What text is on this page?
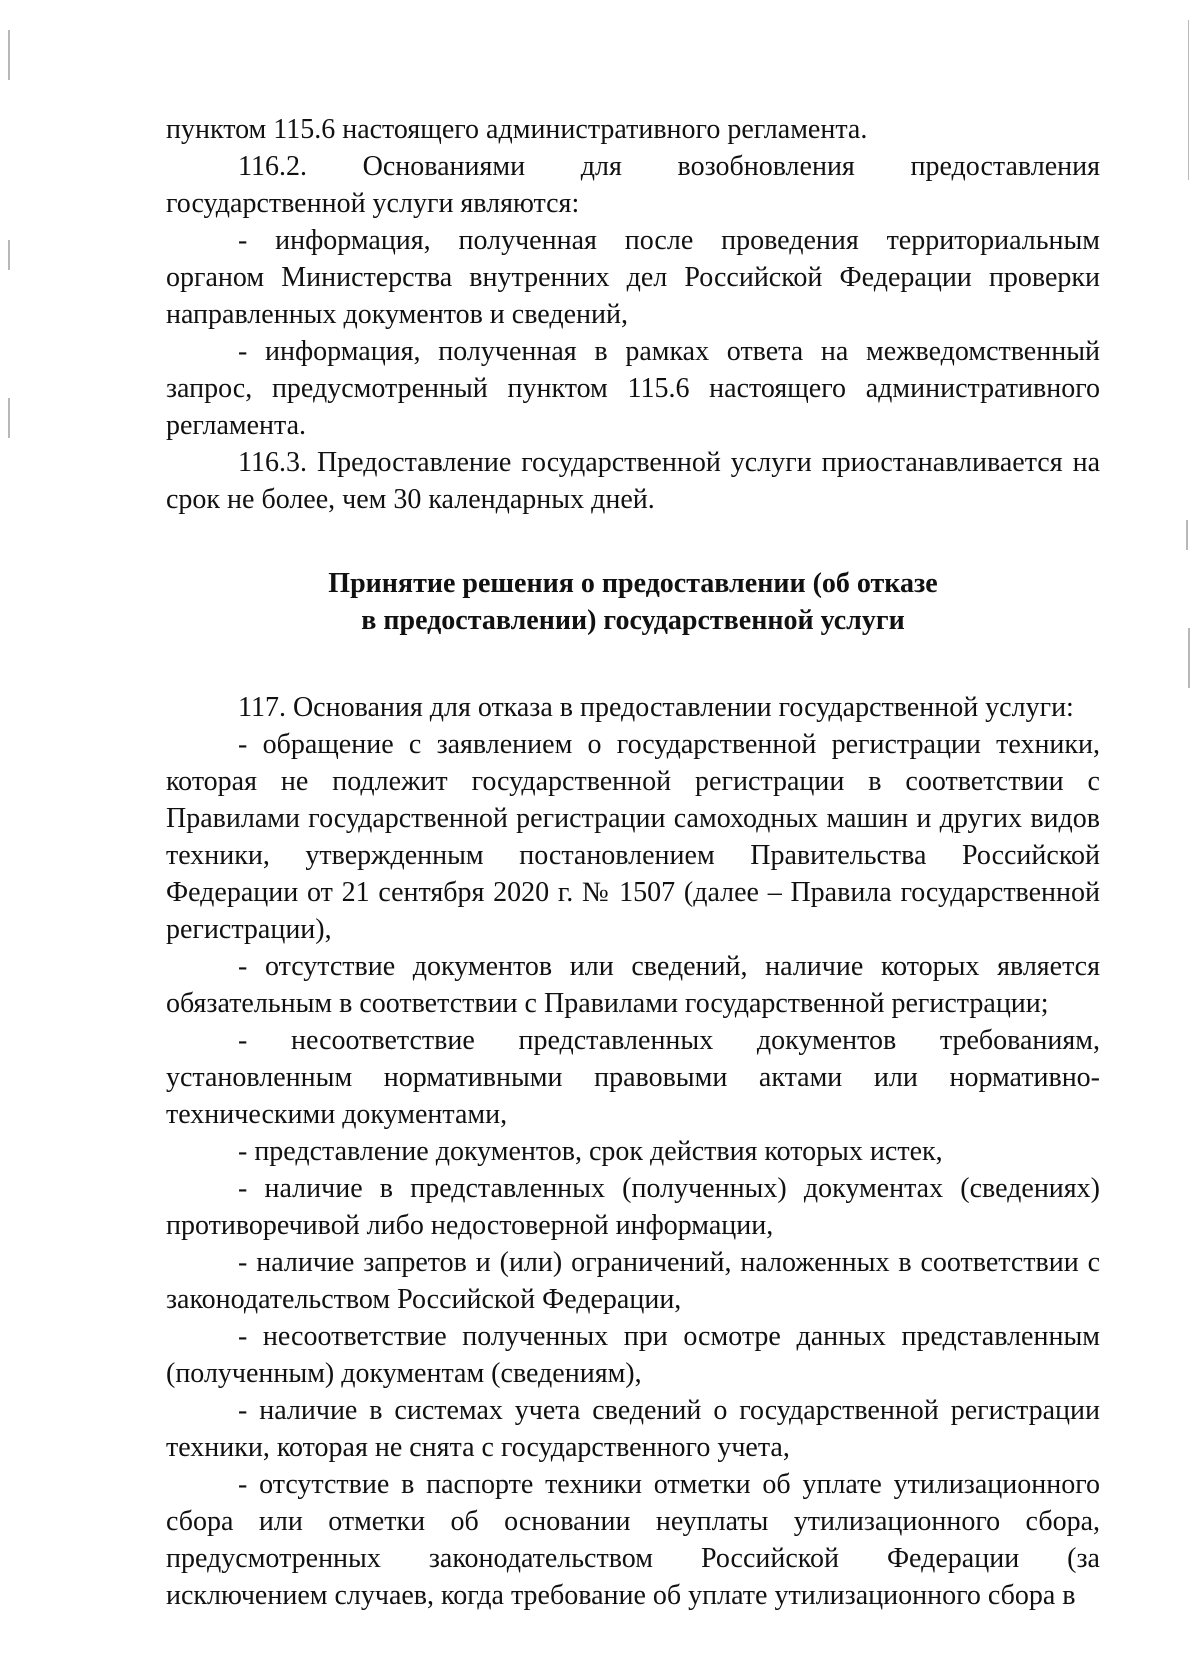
пунктом 115.6 настоящего административного регламента.

116.2. Основаниями для возобновления предоставления государственной услуги являются:

- информация, полученная после проведения территориальным органом Министерства внутренних дел Российской Федерации проверки направленных документов и сведений,

- информация, полученная в рамках ответа на межведомственный запрос, предусмотренный пунктом 115.6 настоящего административного регламента.

116.3. Предоставление государственной услуги приостанавливается на срок не более, чем 30 календарных дней.

Принятие решения о предоставлении (об отказе
в предоставлении) государственной услуги

117. Основания для отказа в предоставлении государственной услуги:

- обращение с заявлением о государственной регистрации техники, которая не подлежит государственной регистрации в соответствии с Правилами государственной регистрации самоходных машин и других видов техники, утвержденным постановлением Правительства Российской Федерации от 21 сентября 2020 г. № 1507 (далее – Правила государственной регистрации),

- отсутствие документов или сведений, наличие которых является обязательным в соответствии с Правилами государственной регистрации;

- несоответствие представленных документов требованиям, установленным нормативными правовыми актами или нормативно-техническими документами,

- представление документов, срок действия которых истек,

- наличие в представленных (полученных) документах (сведениях) противоречивой либо недостоверной информации,

- наличие запретов и (или) ограничений, наложенных в соответствии с законодательством Российской Федерации,

- несоответствие полученных при осмотре данных представленным (полученным) документам (сведениям),

- наличие в системах учета сведений о государственной регистрации техники, которая не снята с государственного учета,

- отсутствие в паспорте техники отметки об уплате утилизационного сбора или отметки об основании неуплаты утилизационного сбора, предусмотренных законодательством Российской Федерации (за исключением случаев, когда требование об уплате утилизационного сбора в
